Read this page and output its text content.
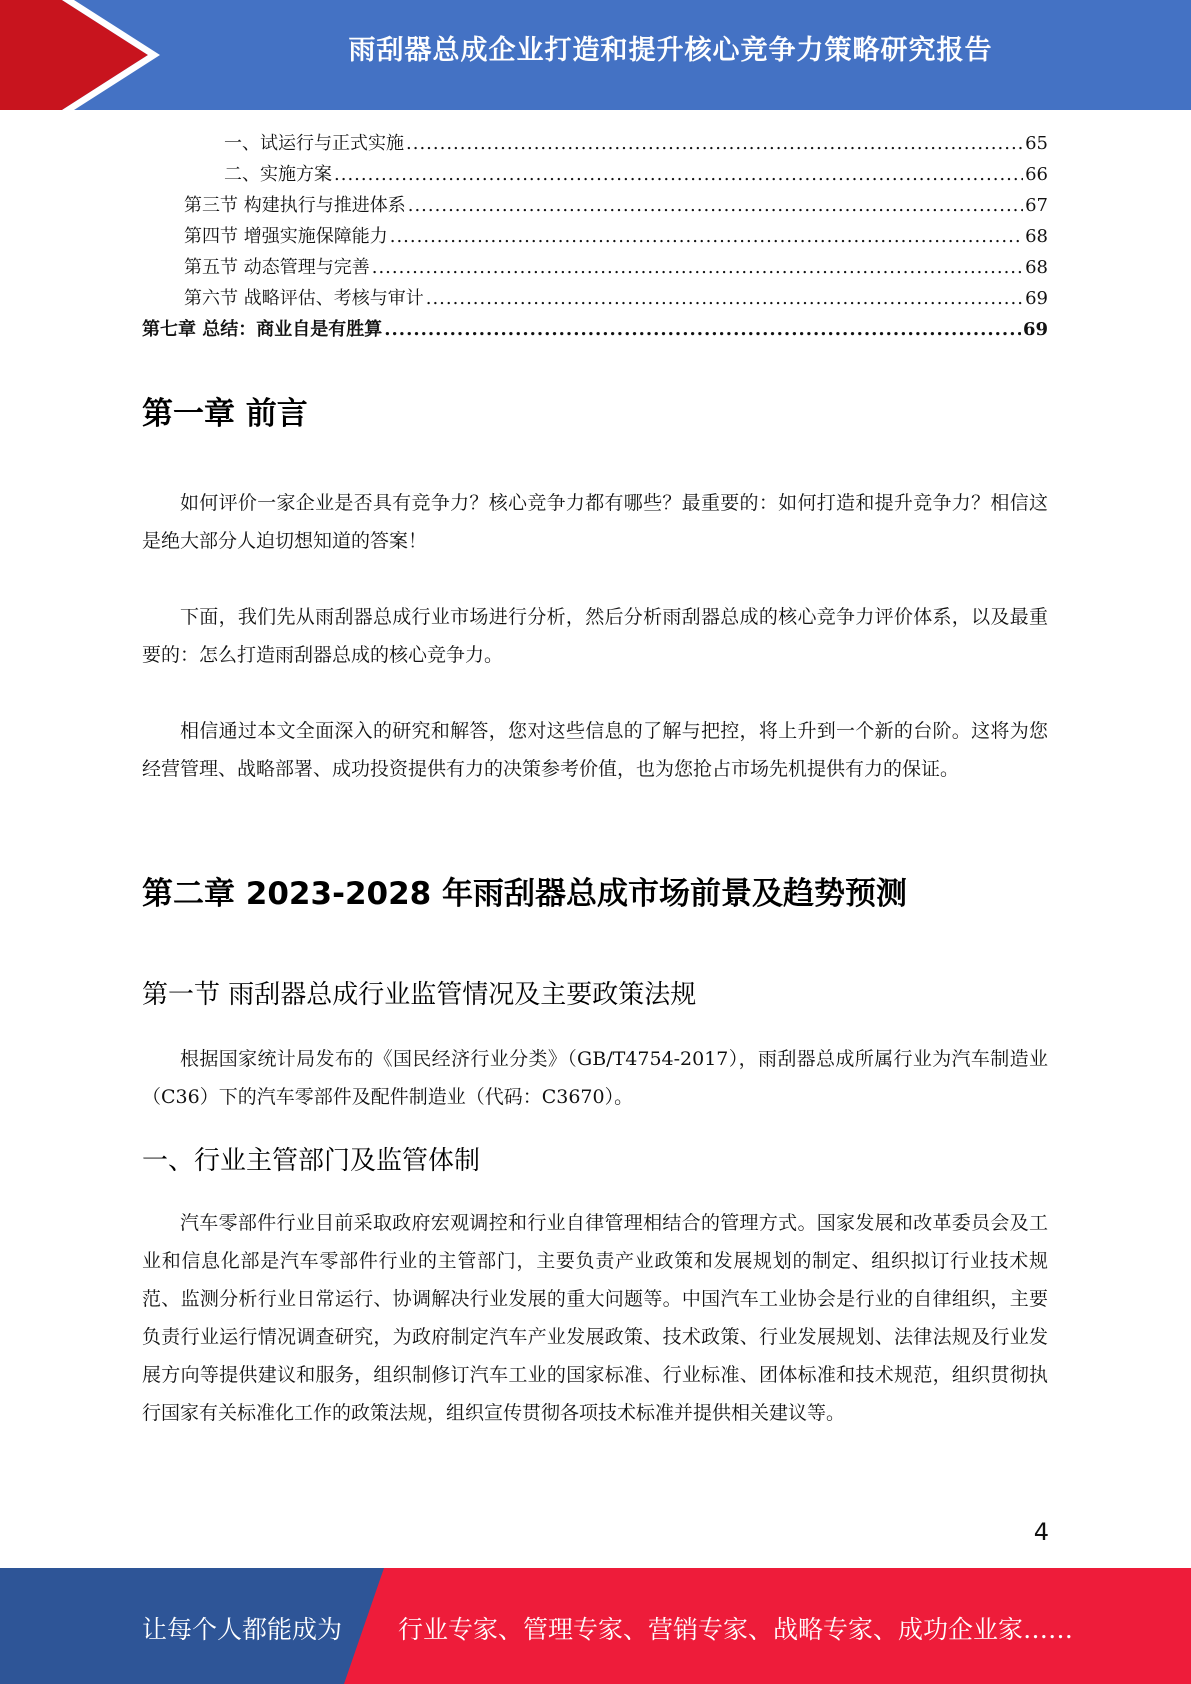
雨刮器总成企业打造和提升核心竞争力策略研究报告
一、试运行与正式实施 .....	65
二、实施方案 .....	66
第三节 构建执行与推进体系 .....	67
第四节 增强实施保障能力 .....	68
第五节 动态管理与完善 .....	68
第六节 战略评估、考核与审计 .....	69
第七章 总结：商业自是有胜算 .....	69
第一章 前言

如何评价一家企业是否具有竞争力？核心竞争力都有哪些？最重要的：如何打造和提升竞争力？相信这是绝大部分人迫切想知道的答案！

下面，我们先从雨刮器总成行业市场进行分析，然后分析雨刮器总成的核心竞争力评价体系，以及最重要的：怎么打造雨刮器总成的核心竞争力。

相信通过本文全面深入的研究和解答，您对这些信息的了解与把控，将上升到一个新的台阶。这将为您经营管理、战略部署、成功投资提供有力的决策参考价值，也为您抢占市场先机提供有力的保证。

第二章 2023-2028 年雨刮器总成市场前景及趋势预测
第一节 雨刮器总成行业监管情况及主要政策法规

根据国家统计局发布的《国民经济行业分类》（GB/T4754-2017），雨刮器总成所属行业为汽车制造业（C36）下的汽车零部件及配件制造业（代码：C3670）。

一、行业主管部门及监管体制

汽车零部件行业目前采取政府宏观调控和行业自律管理相结合的管理方式。国家发展和改革委员会及工业和信息化部是汽车零部件行业的主管部门，主要负责产业政策和发展规划的制定、组织拟订行业技术规范、监测分析行业日常运行、协调解决行业发展的重大问题等。中国汽车工业协会是行业的自律组织，主要负责行业运行情况调查研究，为政府制定汽车产业发展政策、技术政策、行业发展规划、法律法规及行业发展方向等提供建议和服务，组织制修订汽车工业的国家标准、行业标准、团体标准和技术规范，组织贯彻执行国家有关标准化工作的政策法规，组织宣传贯彻各项技术标准并提供相关建议等。

4
让每个人都能成为 行业专家、管理专家、营销专家、战略专家、成功企业家……
